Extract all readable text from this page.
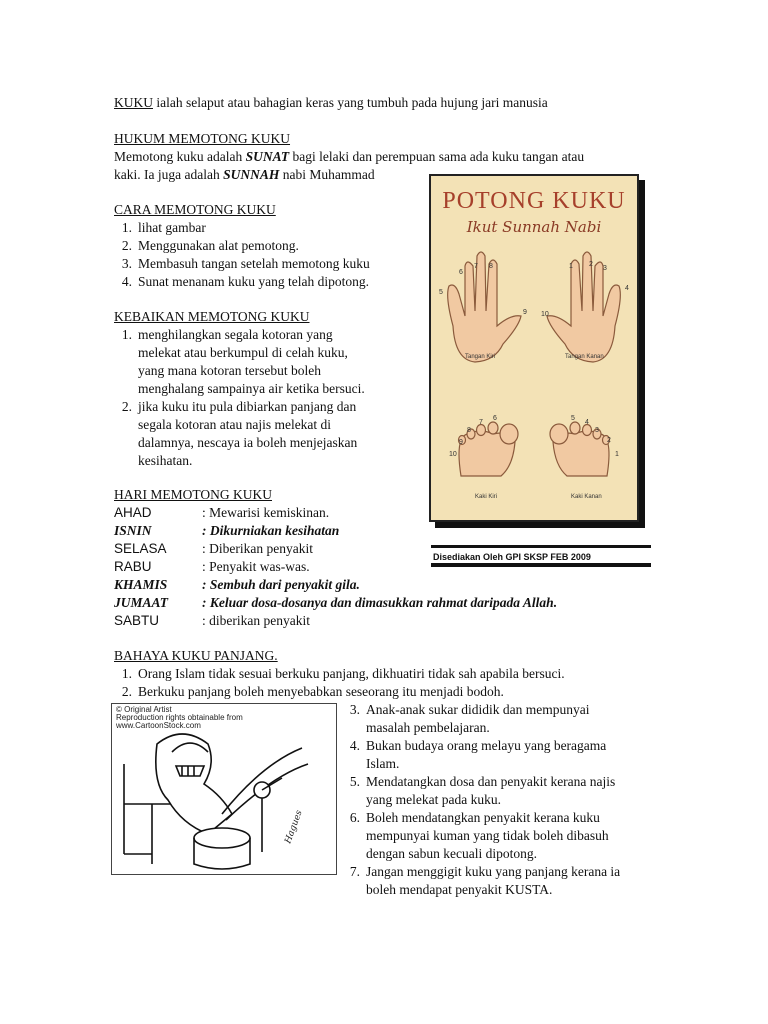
KUKU ialah selaput atau bahagian keras yang tumbuh pada hujung jari manusia
HUKUM MEMOTONG KUKU
Memotong kuku adalah SUNAT bagi lelaki dan perempuan sama ada kuku tangan atau
kaki. Ia juga adalah SUNNAH nabi Muhammad
CARA MEMOTONG KUKU
1. lihat gambar
2. Menggunakan alat pemotong.
3. Membasuh tangan setelah memotong kuku
4. Sunat menanam kuku yang telah dipotong.
KEBAIKAN MEMOTONG KUKU
1. menghilangkan segala kotoran yang
melekat atau berkumpul di celah kuku,
yang mana kotoran tersebut boleh
menghalang sampainya air ketika bersuci.
2. jika kuku itu pula dibiarkan panjang dan
segala kotoran atau najis melekat di
dalamnya, nescaya ia boleh menjejaskan
kesihatan.
HARI MEMOTONG KUKU
AHAD	: Mewarisi kemiskinan.
ISNIN	: Dikurniakan kesihatan
SELASA	: Diberikan penyakit
RABU	: Penyakit was-was.
KHAMIS	: Sembuh dari penyakit gila.
JUMAAT	: Keluar dosa-dosanya dan dimasukkan rahmat daripada Allah.
SABTU	: diberikan penyakit
BAHAYA KUKU PANJANG.
1. Orang Islam tidak sesuai berkuku panjang, dikhuatiri tidak sah apabila bersuci.
2. Berkuku panjang boleh menyebabkan seseorang itu menjadi bodoh.
3. Anak-anak sukar dididik dan mempunyai
masalah pembelajaran.
4. Bukan budaya orang melayu yang beragama
Islam.
5. Mendatangkan dosa dan penyakit kerana najis
yang melekat pada kuku.
6. Boleh mendatangkan penyakit kerana kuku
mempunyai kuman yang tidak boleh dibasuh
dengan sabun kecuali dipotong.
7. Jangan menggigit kuku yang panjang kerana ia
boleh mendapat penyakit KUSTA.
POTONG KUKU
Ikut Sunnah Nabi
6
7 8
5
9
1 2
3
4
10
10
9
8
7
6	5
4
3
2
1
Tangan Kiri	Tangan Kanan
Kaki Kiri	Kaki Kanan
Disediakan Oleh GPI SKSP FEB 2009
© Original Artist
Reproduction rights obtainable from
www.CartoonStock.com
Hagues
